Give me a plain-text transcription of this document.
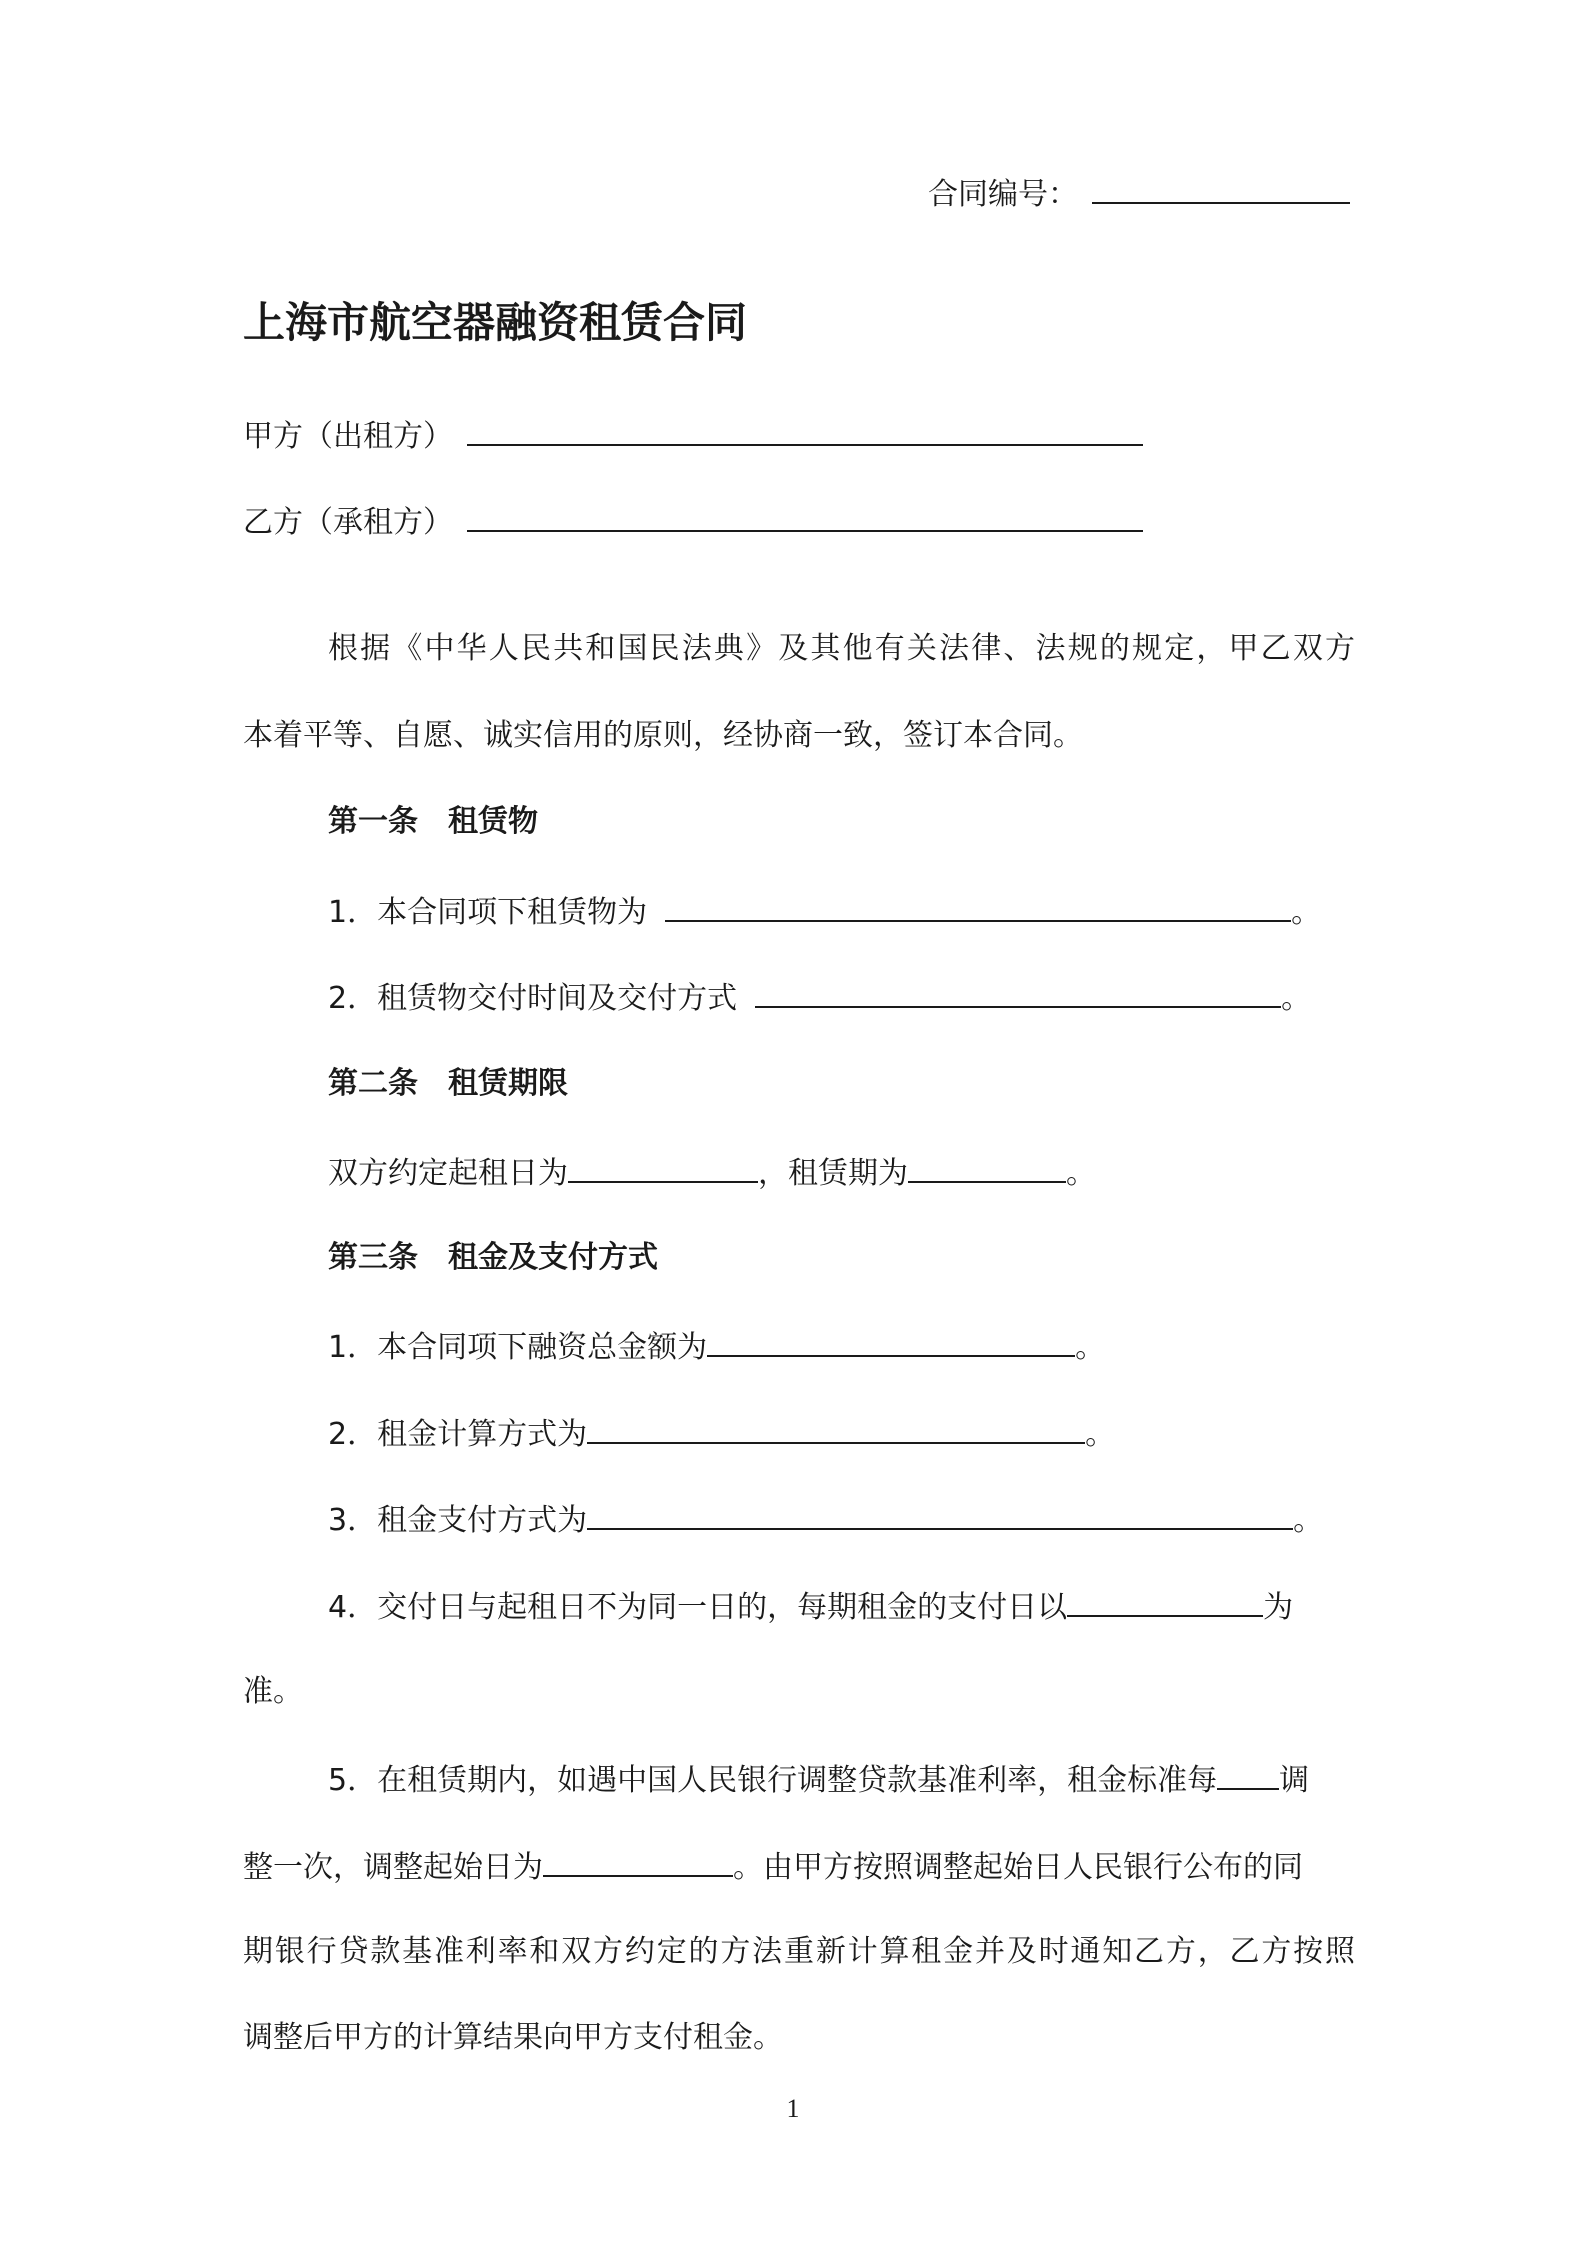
合同编号：
上海市航空器融资租赁合同
甲方（出租方）
乙方（承租方）
根据《中华人民共和国民法典》及其他有关法律、法规的规定，甲乙双方
本着平等、自愿、诚实信用的原则，经协商一致，签订本合同。
第一条　租赁物
1．本合同项下租赁物为	。
2．租赁物交付时间及交付方式	。
第二条　租赁期限
双方约定起租日为	，租赁期为	。
第三条　租金及支付方式
1．本合同项下融资总金额为	。
2．租金计算方式为	。
3．租金支付方式为	。
4．交付日与起租日不为同一日的，每期租金的支付日以	为
准。
5．在租赁期内，如遇中国人民银行调整贷款基准利率，租金标准每 调
整一次，调整起始日为	。由甲方按照调整起始日人民银行公布的同
期银行贷款基准利率和双方约定的方法重新计算租金并及时通知乙方，乙方按照
调整后甲方的计算结果向甲方支付租金。
1
